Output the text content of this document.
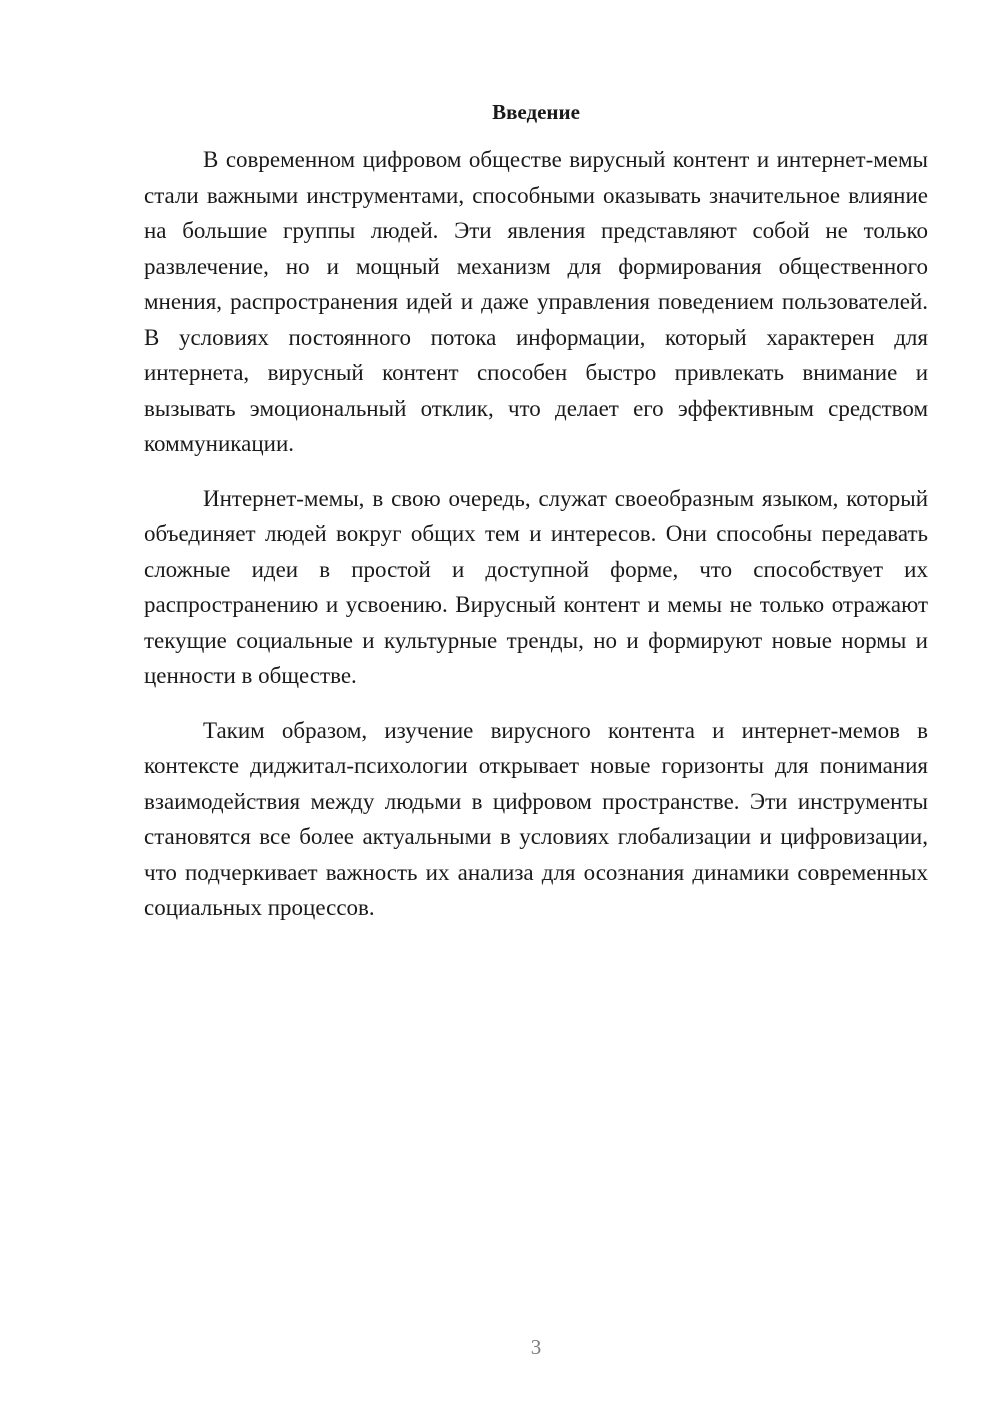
Введение

В современном цифровом обществе вирусный контент и интернет-мемы стали важными инструментами, способными оказывать значительное влияние на большие группы людей. Эти явления представляют собой не только развлечение, но и мощный механизм для формирования общественного мнения, распространения идей и даже управления поведением пользователей. В условиях постоянного потока информации, который характерен для интернета, вирусный контент способен быстро привлекать внимание и вызывать эмоциональный отклик, что делает его эффективным средством коммуникации.

Интернет-мемы, в свою очередь, служат своеобразным языком, который объединяет людей вокруг общих тем и интересов. Они способны передавать сложные идеи в простой и доступной форме, что способствует их распространению и усвоению. Вирусный контент и мемы не только отражают текущие социальные и культурные тренды, но и формируют новые нормы и ценности в обществе.

Таким образом, изучение вирусного контента и интернет-мемов в контексте диджитал-психологии открывает новые горизонты для понимания взаимодействия между людьми в цифровом пространстве. Эти инструменты становятся все более актуальными в условиях глобализации и цифровизации, что подчеркивает важность их анализа для осознания динамики современных социальных процессов.

3
